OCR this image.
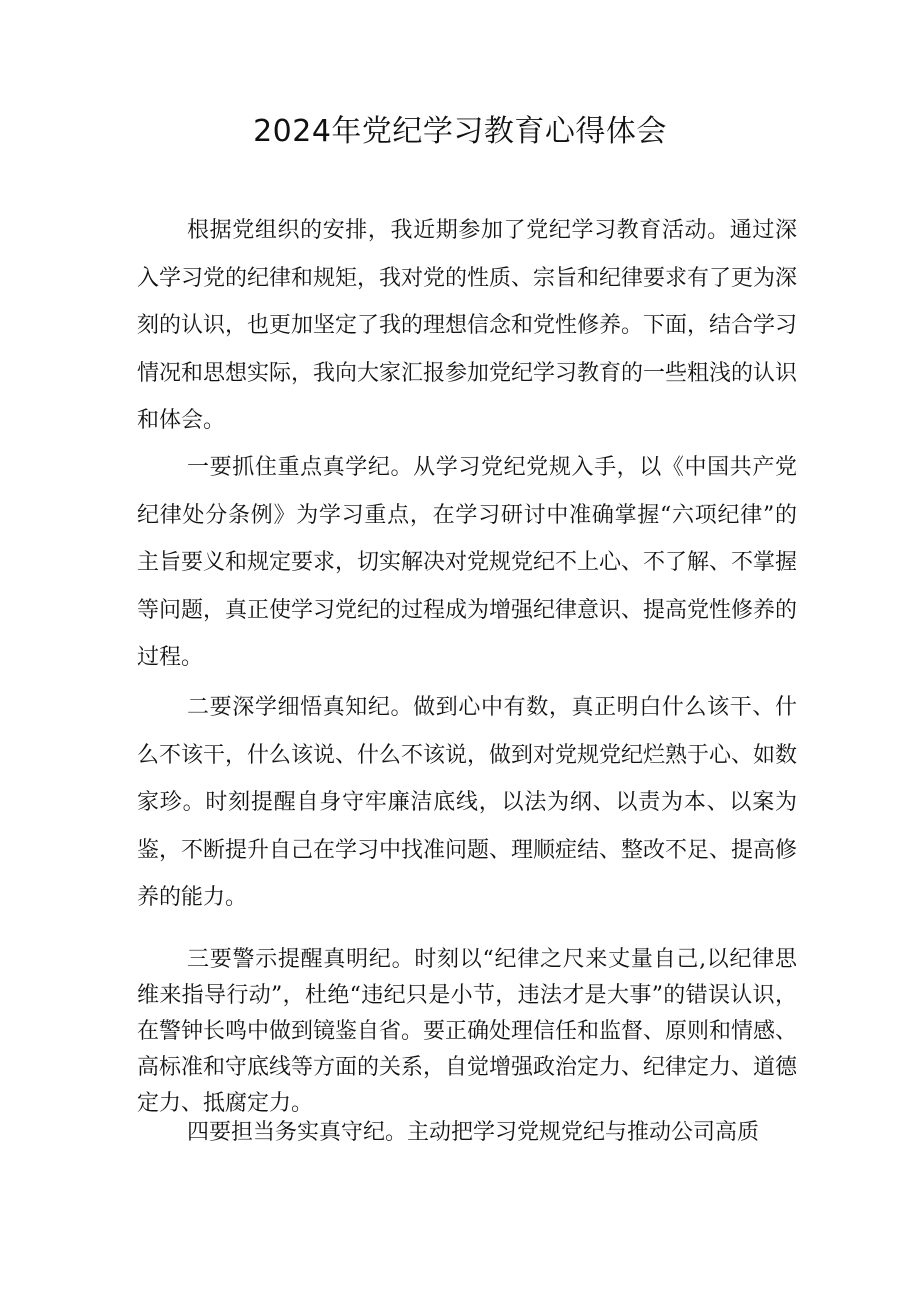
2024年党纪学习教育心得体会

根据党组织的安排，我近期参加了党纪学习教育活动。通过深入学习党的纪律和规矩，我对党的性质、宗旨和纪律要求有了更为深刻的认识，也更加坚定了我的理想信念和党性修养。下面，结合学习情况和思想实际，我向大家汇报参加党纪学习教育的一些粗浅的认识和体会。

一要抓住重点真学纪。从学习党纪党规入手，以《中国共产党纪律处分条例》为学习重点，在学习研讨中准确掌握“六项纪律”的主旨要义和规定要求，切实解决对党规党纪不上心、不了解、不掌握等问题，真正使学习党纪的过程成为增强纪律意识、提高党性修养的过程。

二要深学细悟真知纪。做到心中有数，真正明白什么该干、什么不该干，什么该说、什么不该说，做到对党规党纪烂熟于心、如数家珍。时刻提醒自身守牢廉洁底线，以法为纲、以责为本、以案为鉴，不断提升自己在学习中找准问题、理顺症结、整改不足、提高修养的能力。

三要警示提醒真明纪。时刻以“纪律之尺来丈量自己,以纪律思维来指导行动”，杜绝“违纪只是小节，违法才是大事”的错误认识，在警钟长鸣中做到镜鉴自省。要正确处理信任和监督、原则和情感、高标准和守底线等方面的关系，自觉增强政治定力、纪律定力、道德定力、抵腐定力。

四要担当务实真守纪。主动把学习党规党纪与推动公司高质
